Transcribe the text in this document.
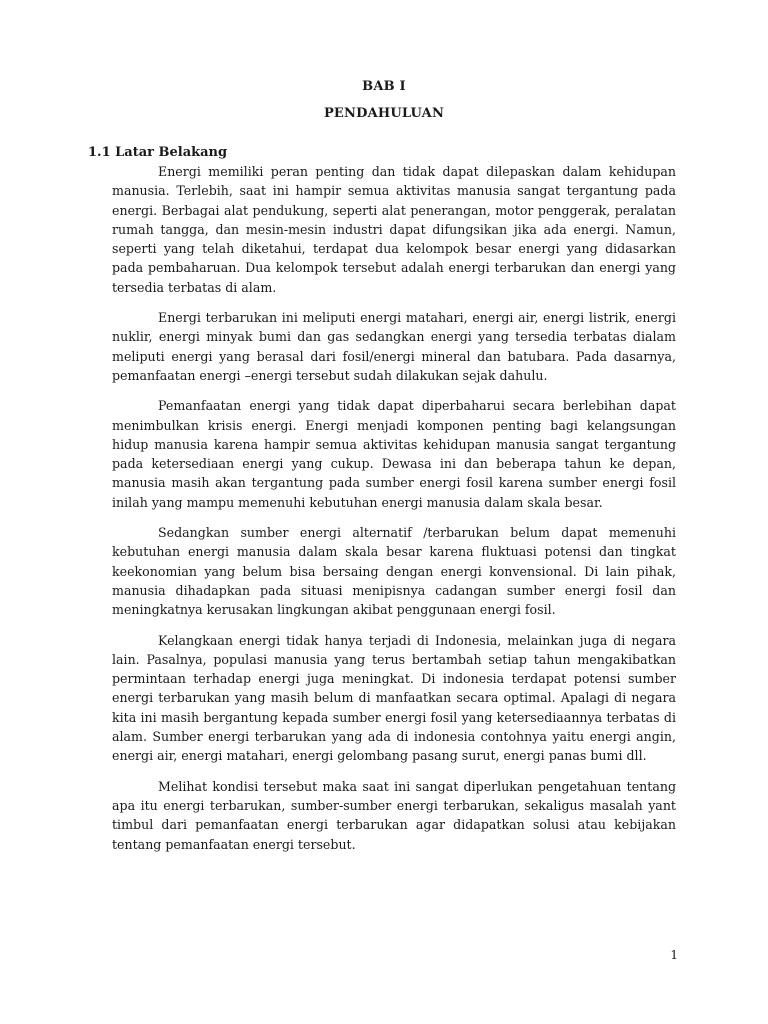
BAB I
PENDAHULUAN
1.1 Latar Belakang

Energi memiliki peran penting dan tidak dapat dilepaskan dalam kehidupan manusia. Terlebih, saat ini hampir semua aktivitas manusia sangat tergantung pada energi. Berbagai alat pendukung, seperti alat penerangan, motor penggerak, peralatan rumah tangga, dan mesin-mesin industri dapat difungsikan jika ada energi. Namun, seperti yang telah diketahui, terdapat dua kelompok besar energi yang didasarkan pada pembaharuan. Dua kelompok tersebut adalah energi terbarukan dan energi yang tersedia terbatas di alam.

Energi terbarukan ini meliputi energi matahari, energi air, energi listrik, energi nuklir, energi minyak bumi dan gas sedangkan energi yang tersedia terbatas dialam meliputi energi yang berasal dari fosil/energi mineral dan batubara. Pada dasarnya, pemanfaatan energi –energi tersebut sudah dilakukan sejak dahulu.

Pemanfaatan energi yang tidak dapat diperbaharui secara berlebihan dapat menimbulkan krisis energi. Energi menjadi komponen penting bagi kelangsungan hidup manusia karena hampir semua aktivitas kehidupan manusia sangat tergantung pada ketersediaan energi yang cukup. Dewasa ini dan beberapa tahun ke depan, manusia masih akan tergantung pada sumber energi fosil karena sumber energi fosil inilah yang mampu memenuhi kebutuhan energi manusia dalam skala besar.

Sedangkan sumber energi alternatif /terbarukan belum dapat memenuhi kebutuhan energi manusia dalam skala besar karena fluktuasi potensi dan tingkat keekonomian yang belum bisa bersaing dengan energi konvensional. Di lain pihak, manusia dihadapkan pada situasi menipisnya cadangan sumber energi fosil dan meningkatnya kerusakan lingkungan akibat penggunaan energi fosil.

Kelangkaan energi tidak hanya terjadi di Indonesia, melainkan juga di negara lain. Pasalnya, populasi manusia yang terus bertambah setiap tahun mengakibatkan permintaan terhadap energi juga meningkat. Di indonesia terdapat potensi sumber energi terbarukan yang masih belum di manfaatkan secara optimal. Apalagi di negara kita ini masih bergantung kepada sumber energi fosil yang ketersediaannya terbatas di alam. Sumber energi terbarukan yang ada di indonesia contohnya yaitu energi angin, energi air, energi matahari, energi gelombang pasang surut, energi panas bumi dll.

Melihat kondisi tersebut maka saat ini sangat diperlukan pengetahuan tentang apa itu energi terbarukan, sumber-sumber energi terbarukan, sekaligus masalah yant timbul dari pemanfaatan energi terbarukan agar didapatkan solusi atau kebijakan tentang pemanfaatan energi tersebut.

1
